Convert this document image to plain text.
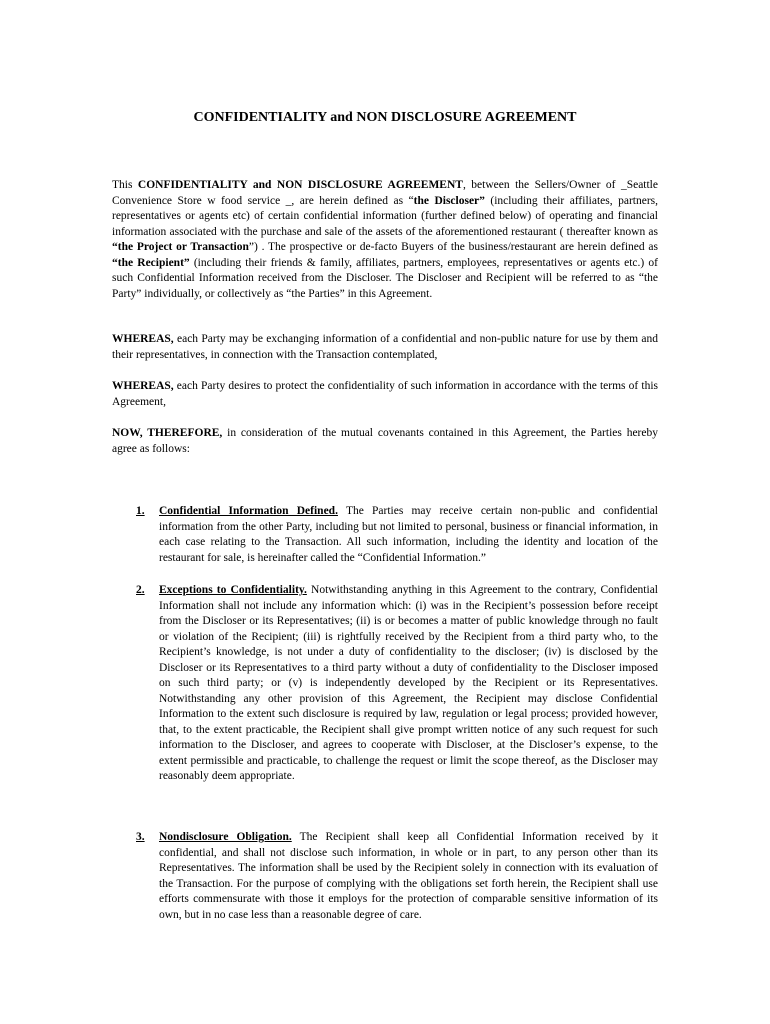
CONFIDENTIALITY and NON DISCLOSURE AGREEMENT
This CONFIDENTIALITY and NON DISCLOSURE AGREEMENT, between the Sellers/Owner of _Seattle Convenience Store w food service _, are herein defined as “the Discloser” (including their affiliates, partners, representatives or agents etc) of certain confidential information (further defined below) of operating and financial information associated with the purchase and sale of the assets of the aforementioned restaurant ( thereafter known as “the Project or Transaction”) . The prospective or de-facto Buyers of the business/restaurant are herein defined as “the Recipient” (including their friends & family, affiliates, partners, employees, representatives or agents etc.) of such Confidential Information received from the Discloser. The Discloser and Recipient will be referred to as “the Party” individually, or collectively as “the Parties” in this Agreement.
WHEREAS, each Party may be exchanging information of a confidential and non-public nature for use by them and their representatives, in connection with the Transaction contemplated,
WHEREAS, each Party desires to protect the confidentiality of such information in accordance with the terms of this Agreement,
NOW, THEREFORE, in consideration of the mutual covenants contained in this Agreement, the Parties hereby agree as follows:
1. Confidential Information Defined. The Parties may receive certain non-public and confidential information from the other Party, including but not limited to personal, business or financial information, in each case relating to the Transaction. All such information, including the identity and location of the restaurant for sale, is hereinafter called the “Confidential Information.”
2. Exceptions to Confidentiality. Notwithstanding anything in this Agreement to the contrary, Confidential Information shall not include any information which: (i) was in the Recipient’s possession before receipt from the Discloser or its Representatives; (ii) is or becomes a matter of public knowledge through no fault or violation of the Recipient; (iii) is rightfully received by the Recipient from a third party who, to the Recipient’s knowledge, is not under a duty of confidentiality to the discloser; (iv) is disclosed by the Discloser or its Representatives to a third party without a duty of confidentiality to the Discloser imposed on such third party; or (v) is independently developed by the Recipient or its Representatives. Notwithstanding any other provision of this Agreement, the Recipient may disclose Confidential Information to the extent such disclosure is required by law, regulation or legal process; provided however, that, to the extent practicable, the Recipient shall give prompt written notice of any such request for such information to the Discloser, and agrees to cooperate with Discloser, at the Discloser’s expense, to the extent permissible and practicable, to challenge the request or limit the scope thereof, as the Discloser may reasonably deem appropriate.
3. Nondisclosure Obligation. The Recipient shall keep all Confidential Information received by it confidential, and shall not disclose such information, in whole or in part, to any person other than its Representatives. The information shall be used by the Recipient solely in connection with its evaluation of the Transaction. For the purpose of complying with the obligations set forth herein, the Recipient shall use efforts commensurate with those it employs for the protection of comparable sensitive information of its own, but in no case less than a reasonable degree of care.
